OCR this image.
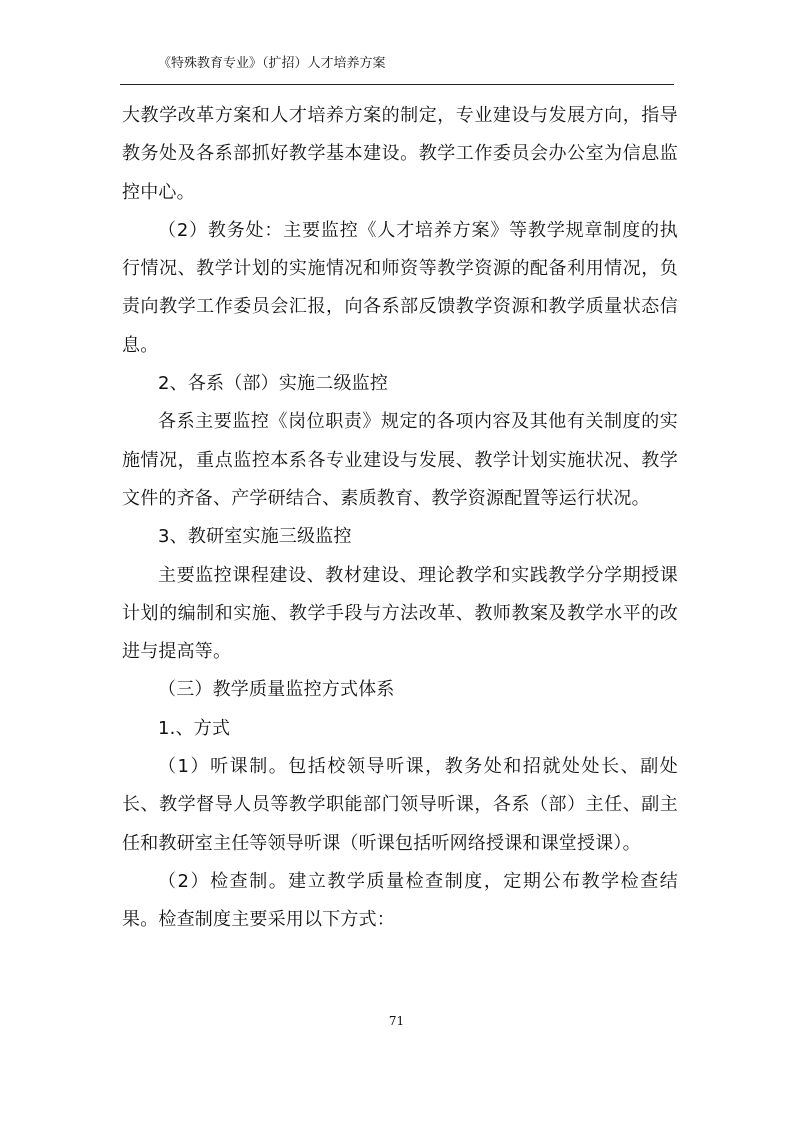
《特殊教育专业》（扩招）人才培养方案

大教学改革方案和人才培养方案的制定，专业建设与发展方向，指导教务处及各系部抓好教学基本建设。教学工作委员会办公室为信息监控中心。

（2）教务处：主要监控《人才培养方案》等教学规章制度的执行情况、教学计划的实施情况和师资等教学资源的配备利用情况，负责向教学工作委员会汇报，向各系部反馈教学资源和教学质量状态信息。

2、各系（部）实施二级监控

各系主要监控《岗位职责》规定的各项内容及其他有关制度的实施情况，重点监控本系各专业建设与发展、教学计划实施状况、教学文件的齐备、产学研结合、素质教育、教学资源配置等运行状况。

3、教研室实施三级监控

主要监控课程建设、教材建设、理论教学和实践教学分学期授课计划的编制和实施、教学手段与方法改革、教师教案及教学水平的改进与提高等。

（三）教学质量监控方式体系

1.、方式

（1）听课制。包括校领导听课，教务处和招就处处长、副处长、教学督导人员等教学职能部门领导听课，各系（部）主任、副主任和教研室主任等领导听课（听课包括听网络授课和课堂授课）。

（2）检查制。建立教学质量检查制度，定期公布教学检查结果。检查制度主要采用以下方式：

71
